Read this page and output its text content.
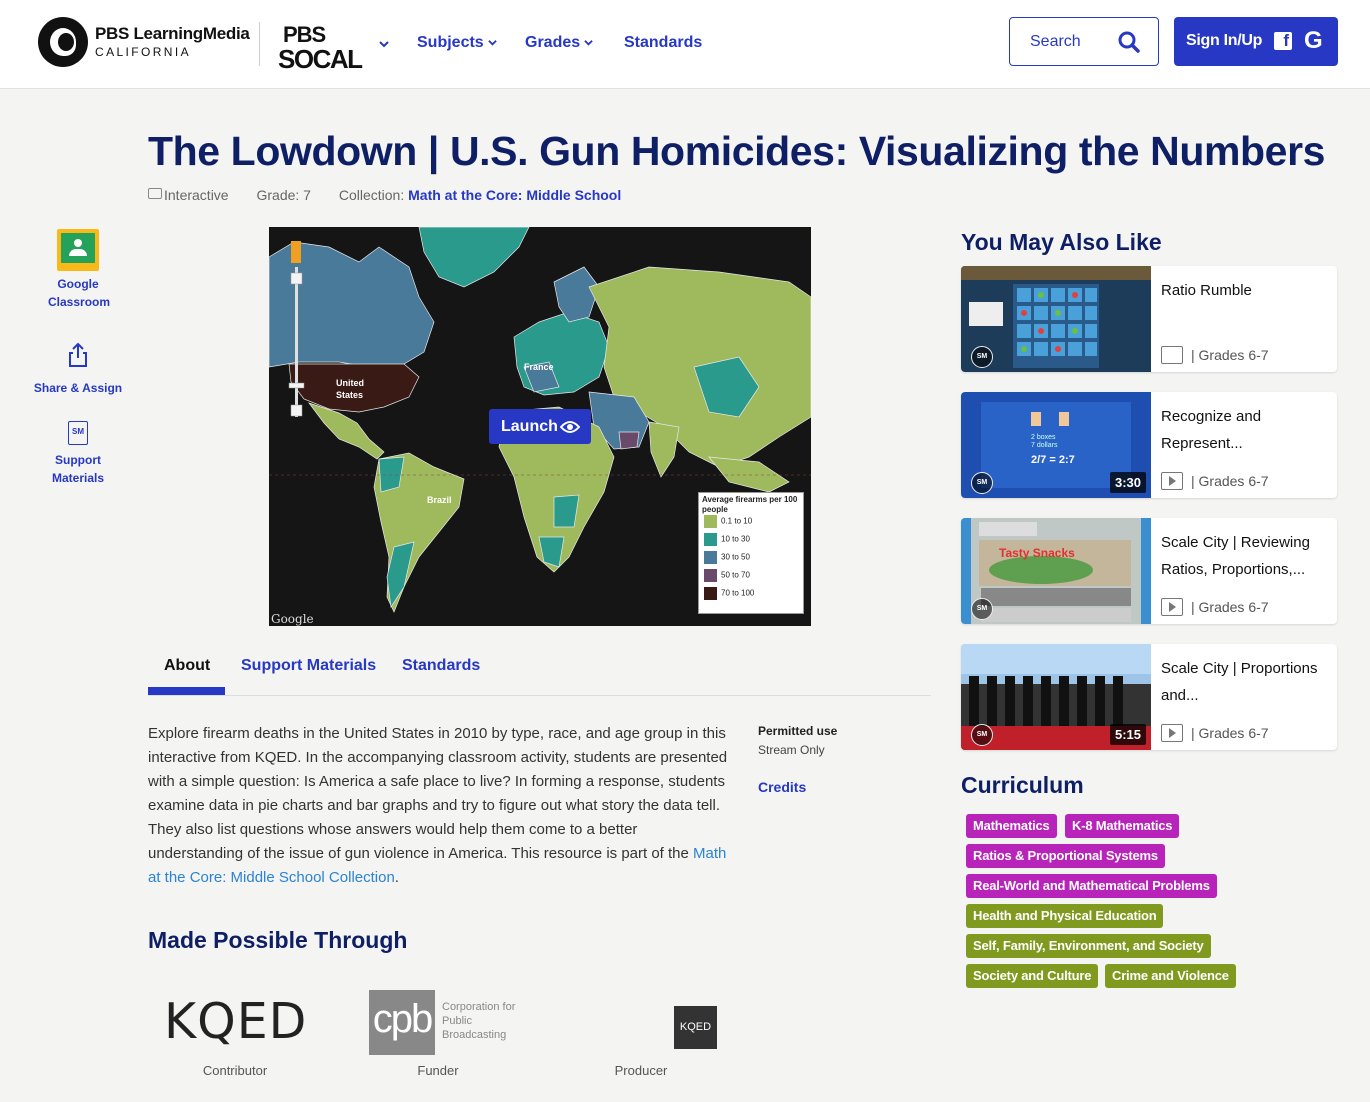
PBS LearningMedia
CALIFORNIA
PBS
SOCAL
Subjects	Grades	Standards	Search	Sign In/Up f G
The Lowdown | U.S. Gun Homicides: Visualizing the Numbers
Interactive Grade: 7 Collection: Math at the Core: Middle School
Google Classroom
Share & Assign
SM
Support Materials
United States
France
Brazil
Launch
Average firearms per 100 people
0.1 to 10
10 to 30
30 to 50
50 to 70
70 to 100
Google
About Support Materials Standards
Explore firearm deaths in the United States in 2010 by type, race, and age group in this interactive from KQED. In the accompanying classroom activity, students are presented with a simple question: Is America a safe place to live? In forming a response, students examine data in pie charts and bar graphs and try to figure out what story the data tell. They also list questions whose answers would help them come to a better understanding of the issue of gun violence in America. This resource is part of the Math at the Core: Middle School Collection.
Permitted use
Stream Only
Credits
Made Possible Through
KQED cpb Corporation for Public Broadcasting
KQED
Contributor	Funder	Producer
You May Also Like
SM
Ratio Rumble
| Grades 6-7
2 boxes
7 dollars
2/7 = 2:7
SM	3:30
Recognize and Represent...
| Grades 6-7
Tasty Snacks
SM
Scale City | Reviewing Ratios, Proportions,...
| Grades 6-7
SM	5:15
Scale City | Proportions and...
| Grades 6-7
Curriculum
Mathematics	K-8 Mathematics
Ratios & Proportional Systems
Real-World and Mathematical Problems
Health and Physical Education
Self, Family, Environment, and Society
Society and Culture	Crime and Violence
